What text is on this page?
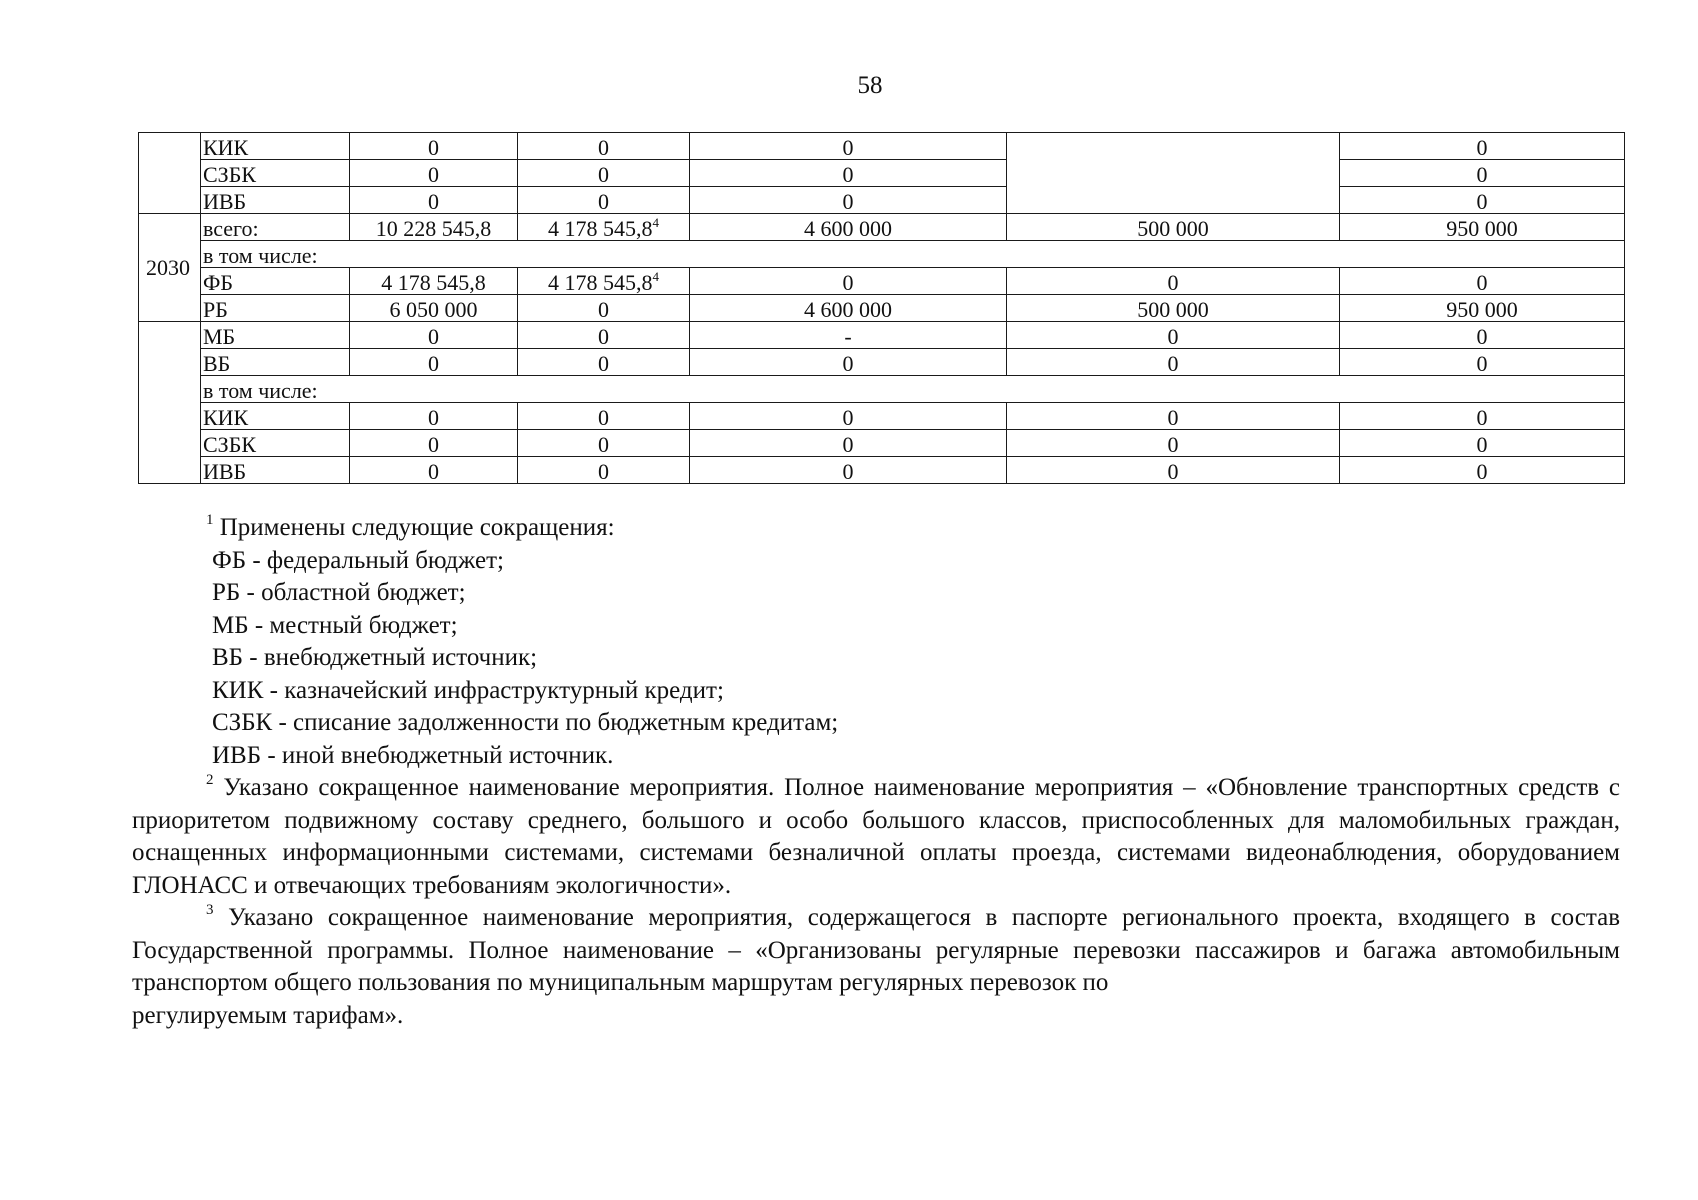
58
	КИК	0	0	0		0
	СЗБК	0	0	0		0
	ИВБ	0	0	0		0
2030	всего:	10 228 545,8	4 178 545,8$^4$	4 600 000	500 000	950 000
	в том числе:					
	ФБ	4 178 545,8	4 178 545,8$^4$	0	0	0
	РБ	6 050 000	0	4 600 000	500 000	950 000
	МБ	0	0	-	0	0
	ВБ	0	0	0	0	0
	в том числе:					
	КИК	0	0	0	0	0
	СЗБК	0	0	0	0	0
	ИВБ	0	0	0	0	0

$^1$ Применены следующие сокращения:

ФБ - федеральный бюджет;

РБ - областной бюджет;

МБ - местный бюджет;

ВБ - внебюджетный источник;

КИК - казначейский инфраструктурный кредит;

СЗБК - списание задолженности по бюджетным кредитам;

ИВБ - иной внебюджетный источник.

$^2$ Указано сокращенное наименование мероприятия. Полное наименование мероприятия – «Обновление транспортных средств с приоритетом подвижному составу среднего, большого и особо большого классов, приспособленных для маломобильных граждан, оснащенных информационными системами, системами безналичной оплаты проезда, системами видеонаблюдения, оборудованием ГЛОНАСС и отвечающих требованиям экологичности».

$^3$ Указано сокращенное наименование мероприятия, содержащегося в паспорте регионального проекта, входящего в состав Государственной программы. Полное наименование – «Организованы регулярные перевозки пассажиров и багажа автомобильным транспортом общего пользования по муниципальным маршрутам регулярных перевозок по

регулируемым тарифам».
